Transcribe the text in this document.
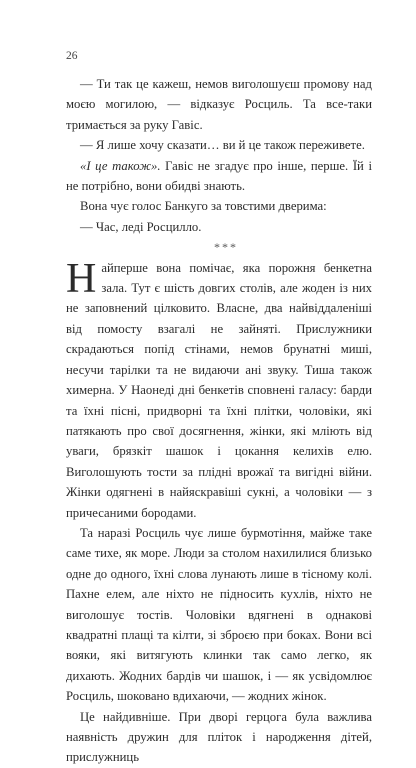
26

— Ти так це кажеш, немов виголошуєш промову над моєю могилою, — відказує Росциль. Та все-таки тримається за руку Гавіс.

— Я лише хочу сказати… ви й це також переживете.

«І це також». Гавіс не згадує про інше, перше. Їй і не потрібно, вони обидві знають.

Вона чує голос Банкуго за товстими дверима:

— Час, леді Росцилло.

***

Найперше вона помічає, яка порожня бенкетна зала. Тут є шість довгих столів, але жоден із них не заповнений цілковито. Власне, два найвіддаленіші від помосту взагалі не зайняті. Прислужники скрадаються попід стінами, немов брунатні миші, несучи тарілки та не видаючи ані звуку. Тиша також химерна. У Наонеді дні бенкетів сповнені галасу: барди та їхні пісні, придворні та їхні плітки, чоловіки, які патякають про свої досягнення, жінки, які мліють від уваги, брязкіт шашок і цокання келихів елю. Виголошують тости за плідні врожаї та вигідні війни. Жінки одягнені в найяскравіші сукні, а чоловіки — з причесаними бородами.

Та наразі Росциль чує лише бурмотіння, майже таке саме тихе, як море. Люди за столом нахилилися близько одне до одного, їхні слова лунають лише в тісному колі. Пахне елем, але ніхто не підносить кухлів, ніхто не виголошує тостів. Чоловіки вдягнені в однакові квадратні плащі та кілти, зі зброєю при боках. Вони всі вояки, які витягують клинки так само легко, як дихають. Жодних бардів чи шашок, і — як усвідомлює Росциль, шоковано вдихаючи, — жодних жінок.

Це найдивніше. При дворі герцога була важлива наявність дружин для пліток і народження дітей, прислужниць
